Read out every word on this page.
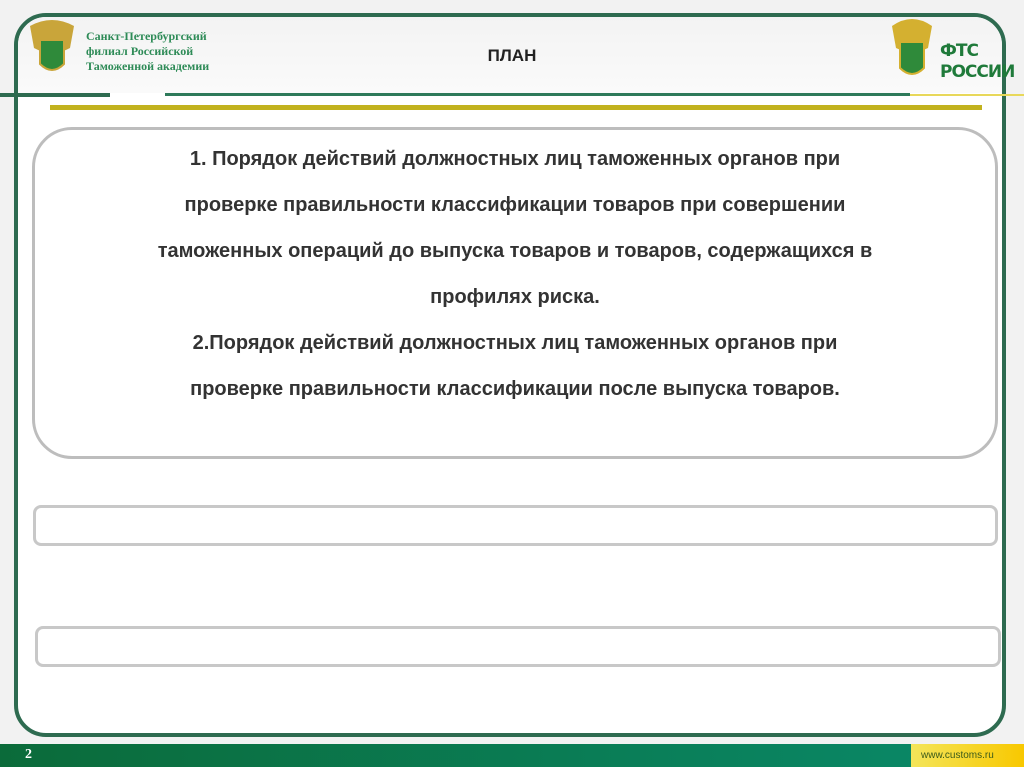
Санкт-Петербургский
филиал Российской
Таможенной академии
ПЛАН	ФТС
РОССИИ
1. Порядок действий должностных лиц таможенных органов при
проверке правильности классификации товаров при совершении
таможенных операций до выпуска товаров и товаров, содержащихся в
профилях риска.
2.Порядок действий должностных лиц таможенных органов при
проверке правильности классификации после выпуска товаров.
2	www.customs.ru
